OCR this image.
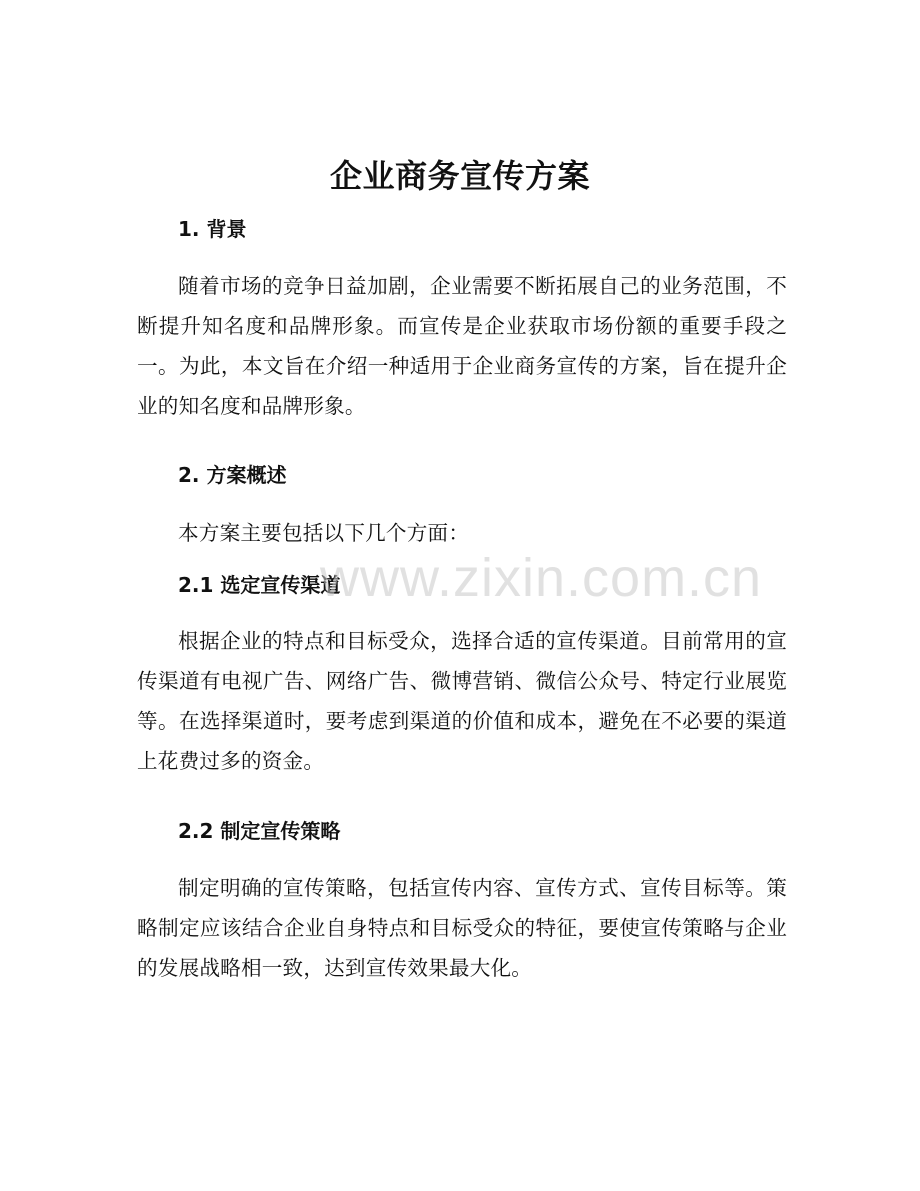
企业商务宣传方案
1. 背景

随着市场的竞争日益加剧，企业需要不断拓展自己的业务范围，不断提升知名度和品牌形象。而宣传是企业获取市场份额的重要手段之一。为此，本文旨在介绍一种适用于企业商务宣传的方案，旨在提升企业的知名度和品牌形象。

2. 方案概述

本方案主要包括以下几个方面：

2.1 选定宣传渠道

根据企业的特点和目标受众，选择合适的宣传渠道。目前常用的宣传渠道有电视广告、网络广告、微博营销、微信公众号、特定行业展览等。在选择渠道时，要考虑到渠道的价值和成本，避免在不必要的渠道上花费过多的资金。

2.2 制定宣传策略

制定明确的宣传策略，包括宣传内容、宣传方式、宣传目标等。策略制定应该结合企业自身特点和目标受众的特征，要使宣传策略与企业的发展战略相一致，达到宣传效果最大化。

www.zixin.com.cn
